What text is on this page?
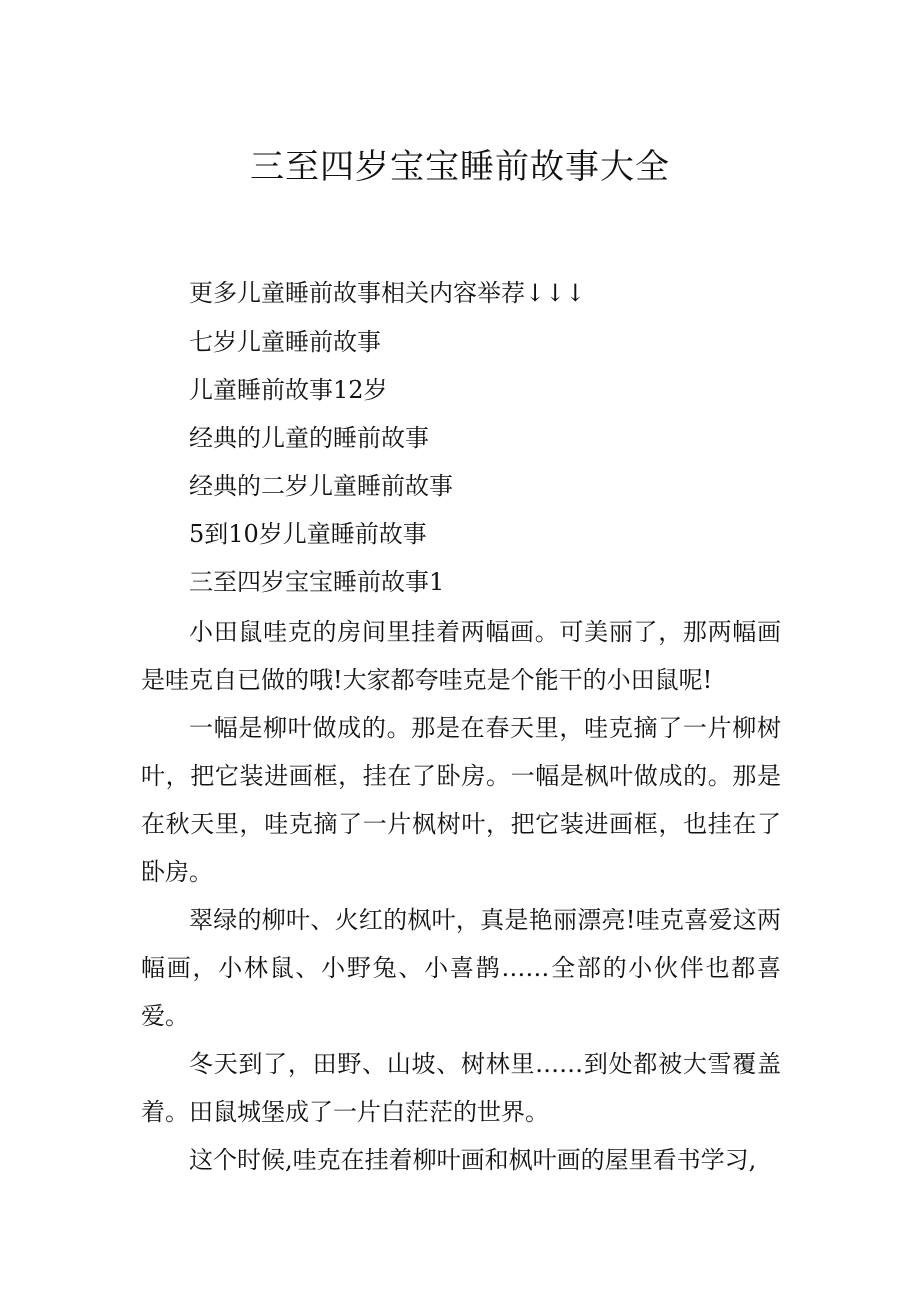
三至四岁宝宝睡前故事大全

更多儿童睡前故事相关内容举荐↓↓↓

七岁儿童睡前故事

儿童睡前故事12岁

经典的儿童的睡前故事

经典的二岁儿童睡前故事

5到10岁儿童睡前故事

三至四岁宝宝睡前故事1

小田鼠哇克的房间里挂着两幅画。可美丽了，那两幅画是哇克自已做的哦!大家都夸哇克是个能干的小田鼠呢!

一幅是柳叶做成的。那是在春天里，哇克摘了一片柳树叶，把它装进画框，挂在了卧房。一幅是枫叶做成的。那是在秋天里，哇克摘了一片枫树叶，把它装进画框，也挂在了卧房。

翠绿的柳叶、火红的枫叶，真是艳丽漂亮!哇克喜爱这两幅画，小林鼠、小野兔、小喜鹊……全部的小伙伴也都喜爱。

冬天到了，田野、山坡、树林里……到处都被大雪覆盖着。田鼠城堡成了一片白茫茫的世界。

这个时候,哇克在挂着柳叶画和枫叶画的屋里看书学习,
